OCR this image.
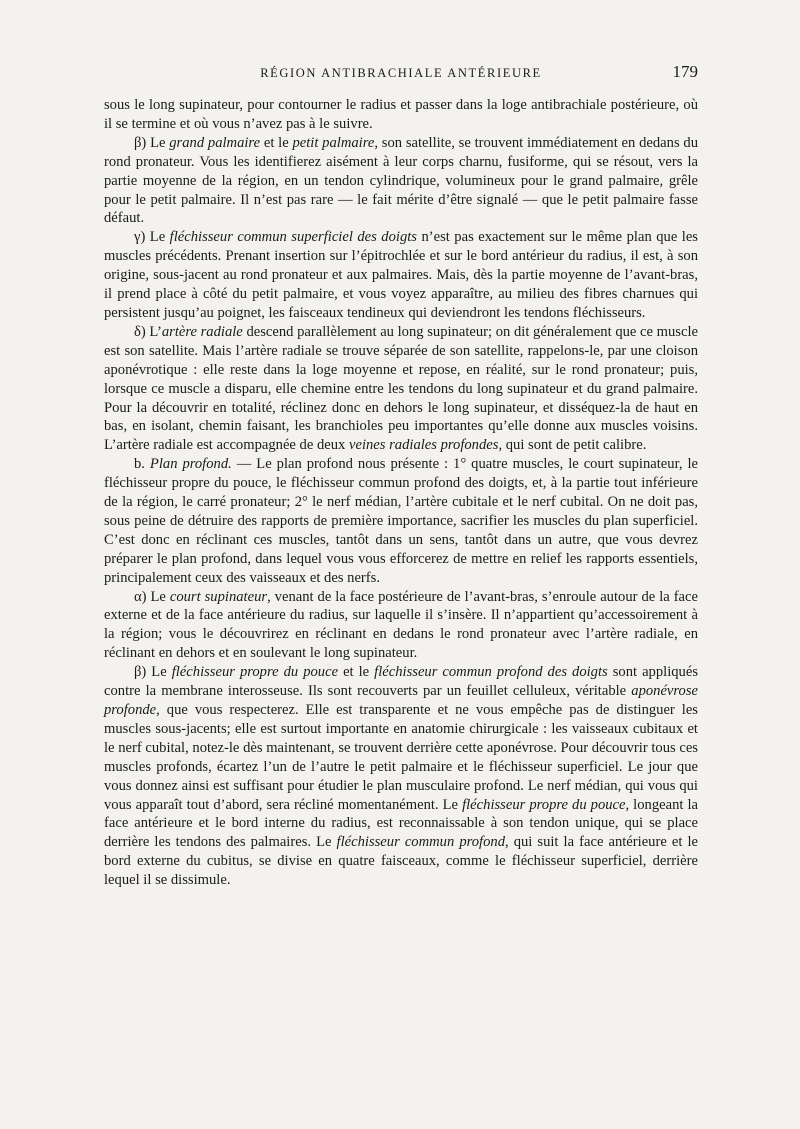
RÉGION ANTIBRACHIALE ANTÉRIEURE	179

sous le long supinateur, pour contourner le radius et passer dans la loge antibrachiale postérieure, où il se termine et où vous n’avez pas à le suivre.

β) Le grand palmaire et le petit palmaire, son satellite, se trouvent immédiatement en dedans du rond pronateur. Vous les identifierez aisément à leur corps charnu, fusiforme, qui se résout, vers la partie moyenne de la région, en un tendon cylindrique, volumineux pour le grand palmaire, grêle pour le petit palmaire. Il n’est pas rare — le fait mérite d’être signalé — que le petit palmaire fasse défaut.

γ) Le fléchisseur commun superficiel des doigts n’est pas exactement sur le même plan que les muscles précédents. Prenant insertion sur l’épitrochlée et sur le bord antérieur du radius, il est, à son origine, sous-jacent au rond pronateur et aux palmaires. Mais, dès la partie moyenne de l’avant-bras, il prend place à côté du petit palmaire, et vous voyez apparaître, au milieu des fibres charnues qui persistent jusqu’au poignet, les faisceaux tendineux qui deviendront les tendons fléchisseurs.

δ) L’artère radiale descend parallèlement au long supinateur; on dit généralement que ce muscle est son satellite. Mais l’artère radiale se trouve séparée de son satellite, rappelons-le, par une cloison aponévrotique : elle reste dans la loge moyenne et repose, en réalité, sur le rond pronateur; puis, lorsque ce muscle a disparu, elle chemine entre les tendons du long supinateur et du grand palmaire. Pour la découvrir en totalité, réclinez donc en dehors le long supinateur, et disséquez-la de haut en bas, en isolant, chemin faisant, les branchioles peu importantes qu’elle donne aux muscles voisins. L’artère radiale est accompagnée de deux veines radiales profondes, qui sont de petit calibre.

b. Plan profond. — Le plan profond nous présente : 1° quatre muscles, le court supinateur, le fléchisseur propre du pouce, le fléchisseur commun profond des doigts, et, à la partie tout inférieure de la région, le carré pronateur; 2° le nerf médian, l’artère cubitale et le nerf cubital. On ne doit pas, sous peine de détruire des rapports de première importance, sacrifier les muscles du plan superficiel. C’est donc en réclinant ces muscles, tantôt dans un sens, tantôt dans un autre, que vous devrez préparer le plan profond, dans lequel vous vous efforcerez de mettre en relief les rapports essentiels, principalement ceux des vaisseaux et des nerfs.

α) Le court supinateur, venant de la face postérieure de l’avant-bras, s’enroule autour de la face externe et de la face antérieure du radius, sur laquelle il s’insère. Il n’appartient qu’accessoirement à la région; vous le découvrirez en réclinant en dedans le rond pronateur avec l’artère radiale, en réclinant en dehors et en soulevant le long supinateur.

β) Le fléchisseur propre du pouce et le fléchisseur commun profond des doigts sont appliqués contre la membrane interosseuse. Ils sont recouverts par un feuillet celluleux, véritable aponévrose profonde, que vous respecterez. Elle est transparente et ne vous empêche pas de distinguer les muscles sous-jacents; elle est surtout importante en anatomie chirurgicale : les vaisseaux cubitaux et le nerf cubital, notez-le dès maintenant, se trouvent derrière cette aponévrose. Pour découvrir tous ces muscles profonds, écartez l’un de l’autre le petit palmaire et le fléchisseur superficiel. Le jour que vous donnez ainsi est suffisant pour étudier le plan musculaire profond. Le nerf médian, qui vous qui vous apparaît tout d’abord, sera récliné momentanément. Le fléchisseur propre du pouce, longeant la face antérieure et le bord interne du radius, est reconnaissable à son tendon unique, qui se place derrière les tendons des palmaires. Le fléchisseur commun profond, qui suit la face antérieure et le bord externe du cubitus, se divise en quatre faisceaux, comme le fléchisseur superficiel, derrière lequel il se dissimule.
